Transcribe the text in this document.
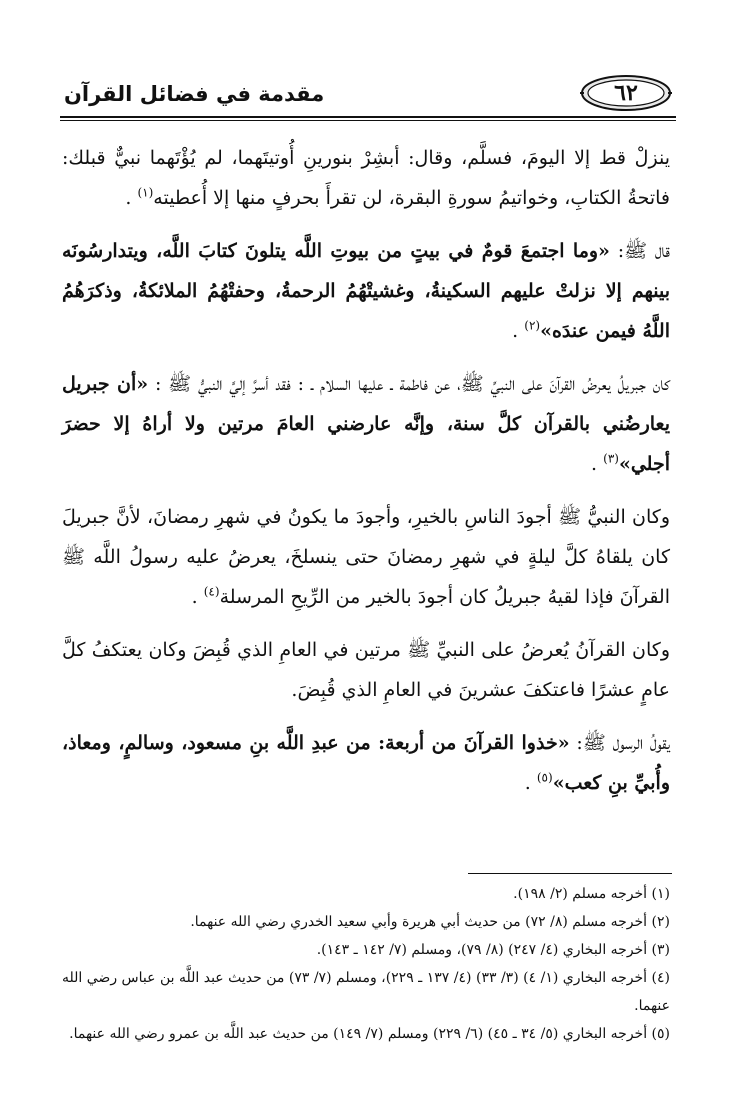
٦٢
مقدمة في فضائل القرآن

ينزلْ قط إلا اليومَ، فسلَّم، وقال: أبشِرْ بنورينِ أُوتيتَهما، لم يُؤْتَهما نبيٌّ قبلك: فاتحةُ الكتابِ، وخواتيمُ سورةِ البقرة، لن تقرأَ بحرفٍ منها إلا أُعطيته$^{(١)}$ .

قال ﷺ: «وما اجتمعَ قومٌ في بيتٍ من بيوتِ اللَّه يتلونَ كتابَ اللَّه، ويتدارسُونَه بينهم إلا نزلتْ عليهم السكينةُ، وغشيتْهُمُ الرحمةُ، وحفتْهُمُ الملائكةُ، وذكرَهُمُ اللَّهُ فيمن عندَه»$^{(٢)}$ .

كان جبريلُ يعرضُ القرآنَ على النبيِّ ﷺ، عن فاطمة ـ عليها السلام ـ : فقد أسرَّ إليَّ النبيُّ ﷺ : «أن جبريل يعارضُني بالقرآن كلَّ سنة، وإنَّه عارضني العامَ مرتين ولا أراهُ إلا حضرَ أجلي»$^{(٣)}$ .

وكان النبيُّ ﷺ أجودَ الناسِ بالخيرِ، وأجودَ ما يكونُ في شهرِ رمضانَ، لأنَّ جبريلَ كان يلقاهُ كلَّ ليلةٍ في شهرِ رمضانَ حتى ينسلخَ، يعرضُ عليه رسولُ اللَّه ﷺ القرآنَ فإذا لقيهُ جبريلُ كان أجودَ بالخير من الرِّيحِ المرسلة$^{(٤)}$ .

وكان القرآنُ يُعرضُ على النبيِّ ﷺ مرتين في العامِ الذي قُبِضَ وكان يعتكفُ كلَّ عامٍ عشرًا فاعتكفَ عشرينَ في العامِ الذي قُبِضَ.

يقولُ الرسول ﷺ: «خذوا القرآنَ من أربعة: من عبدِ اللَّه بنِ مسعود، وسالمٍ، ومعاذ، وأُبيِّ بنِ كعب»$^{(٥)}$ .

(١) أخرجه مسلم (٢/ ١٩٨).

(٢) أخرجه مسلم (٨/ ٧٢) من حديث أبي هريرة وأبي سعيد الخدري رضي الله عنهما.

(٣) أخرجه البخاري (٤/ ٢٤٧) (٨/ ٧٩)، ومسلم (٧/ ١٤٢ ـ ١٤٣).

(٤) أخرجه البخاري (١/ ٤) (٣/ ٣٣) (٤/ ١٣٧ ـ ٢٢٩)، ومسلم (٧/ ٧٣) من حديث عبد اللَّه بن عباس رضي الله عنهما.

(٥) أخرجه البخاري (٥/ ٣٤ ـ ٤٥) (٦/ ٢٢٩) ومسلم (٧/ ١٤٩) من حديث عبد اللَّه بن عمرو رضي الله عنهما.
